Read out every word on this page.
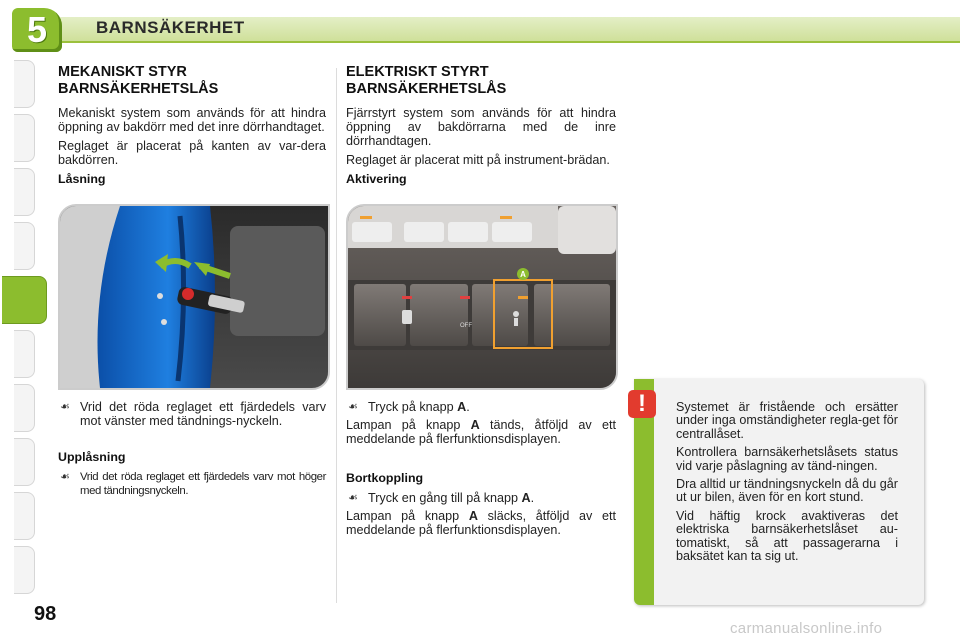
5	BARNSÄKERHET
MEKANISKT STYR
BARNSÄKERHETSLÅS

Mekaniskt system som används för att hindra öppning av bakdörr med det inre dörrhandtaget.

Reglaget är placerat på kanten av var-dera bakdörren.

Låsning
☙ Vrid det röda reglaget ett fjärdedels varv mot vänster med tändnings-nyckeln.
Upplåsning
☙ Vrid det röda reglaget ett fjärdedels varv mot höger med tändningsnyckeln.
ELEKTRISKT STYRT
BARNSÄKERHETSLÅS

Fjärrstyrt system som används för att hindra öppning av bakdörrarna med de inre dörrhandtagen.

Reglaget är placerat mitt på instrument-brädan.

Aktivering
A
OFF
☙ Tryck på knapp A.

Lampan på knapp A tänds, åtföljd av ett meddelande på flerfunktionsdisplayen.

Bortkoppling
☙ Tryck en gång till på knapp A.

Lampan på knapp A släcks, åtföljd av ett meddelande på flerfunktionsdisplayen.

Systemet är fristående och ersätter under inga omständigheter regla-get för centrallåset.

Kontrollera barnsäkerhetslåsets status vid varje påslagning av tänd-ningen.

Dra alltid ur tändningsnyckeln då du går ut ur bilen, även för en kort stund.

Vid häftig krock avaktiveras det elektriska barnsäkerhetslåset au-tomatiskt, så att passagerarna i baksätet kan ta sig ut.

!
98
carmanualsonline.info
